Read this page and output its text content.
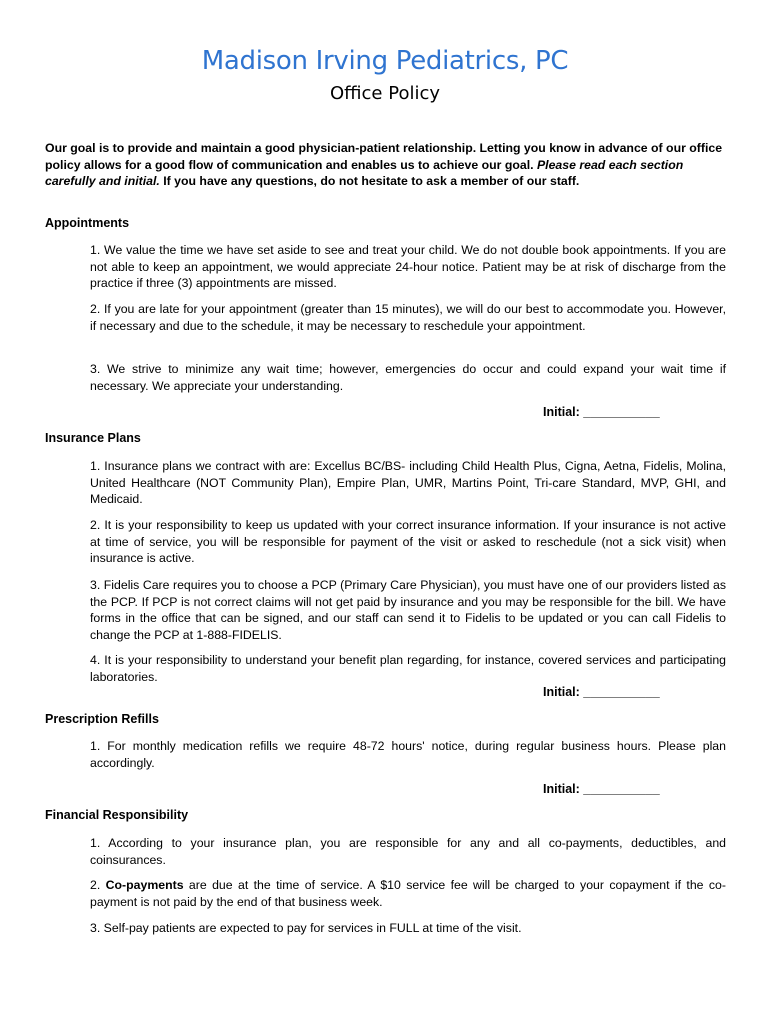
Madison Irving Pediatrics, PC
Office Policy
Our goal is to provide and maintain a good physician-patient relationship. Letting you know in advance of our office policy allows for a good flow of communication and enables us to achieve our goal. Please read each section carefully and initial. If you have any questions, do not hesitate to ask a member of our staff.
Appointments
1. We value the time we have set aside to see and treat your child. We do not double book appointments. If you are not able to keep an appointment, we would appreciate 24-hour notice. Patient may be at risk of discharge from the practice if three (3) appointments are missed.
2. If you are late for your appointment (greater than 15 minutes), we will do our best to accommodate you. However, if necessary and due to the schedule, it may be necessary to reschedule your appointment.
3. We strive to minimize any wait time; however, emergencies do occur and could expand your wait time if necessary. We appreciate your understanding.
Initial: ___________
Insurance Plans
1. Insurance plans we contract with are: Excellus BC/BS- including Child Health Plus, Cigna, Aetna, Fidelis, Molina, United Healthcare (NOT Community Plan), Empire Plan, UMR, Martins Point, Tri-care Standard, MVP, GHI, and Medicaid.
2. It is your responsibility to keep us updated with your correct insurance information. If your insurance is not active at time of service, you will be responsible for payment of the visit or asked to reschedule (not a sick visit) when insurance is active.
3. Fidelis Care requires you to choose a PCP (Primary Care Physician), you must have one of our providers listed as the PCP. If PCP is not correct claims will not get paid by insurance and you may be responsible for the bill. We have forms in the office that can be signed, and our staff can send it to Fidelis to be updated or you can call Fidelis to change the PCP at 1-888-FIDELIS.
4. It is your responsibility to understand your benefit plan regarding, for instance, covered services and participating laboratories.
Initial: ___________
Prescription Refills
1. For monthly medication refills we require 48-72 hours' notice, during regular business hours. Please plan accordingly.
Initial: ___________
Financial Responsibility
1. According to your insurance plan, you are responsible for any and all co-payments, deductibles, and coinsurances.
2. Co-payments are due at the time of service. A $10 service fee will be charged to your copayment if the co-payment is not paid by the end of that business week.
3. Self-pay patients are expected to pay for services in FULL at time of the visit.
